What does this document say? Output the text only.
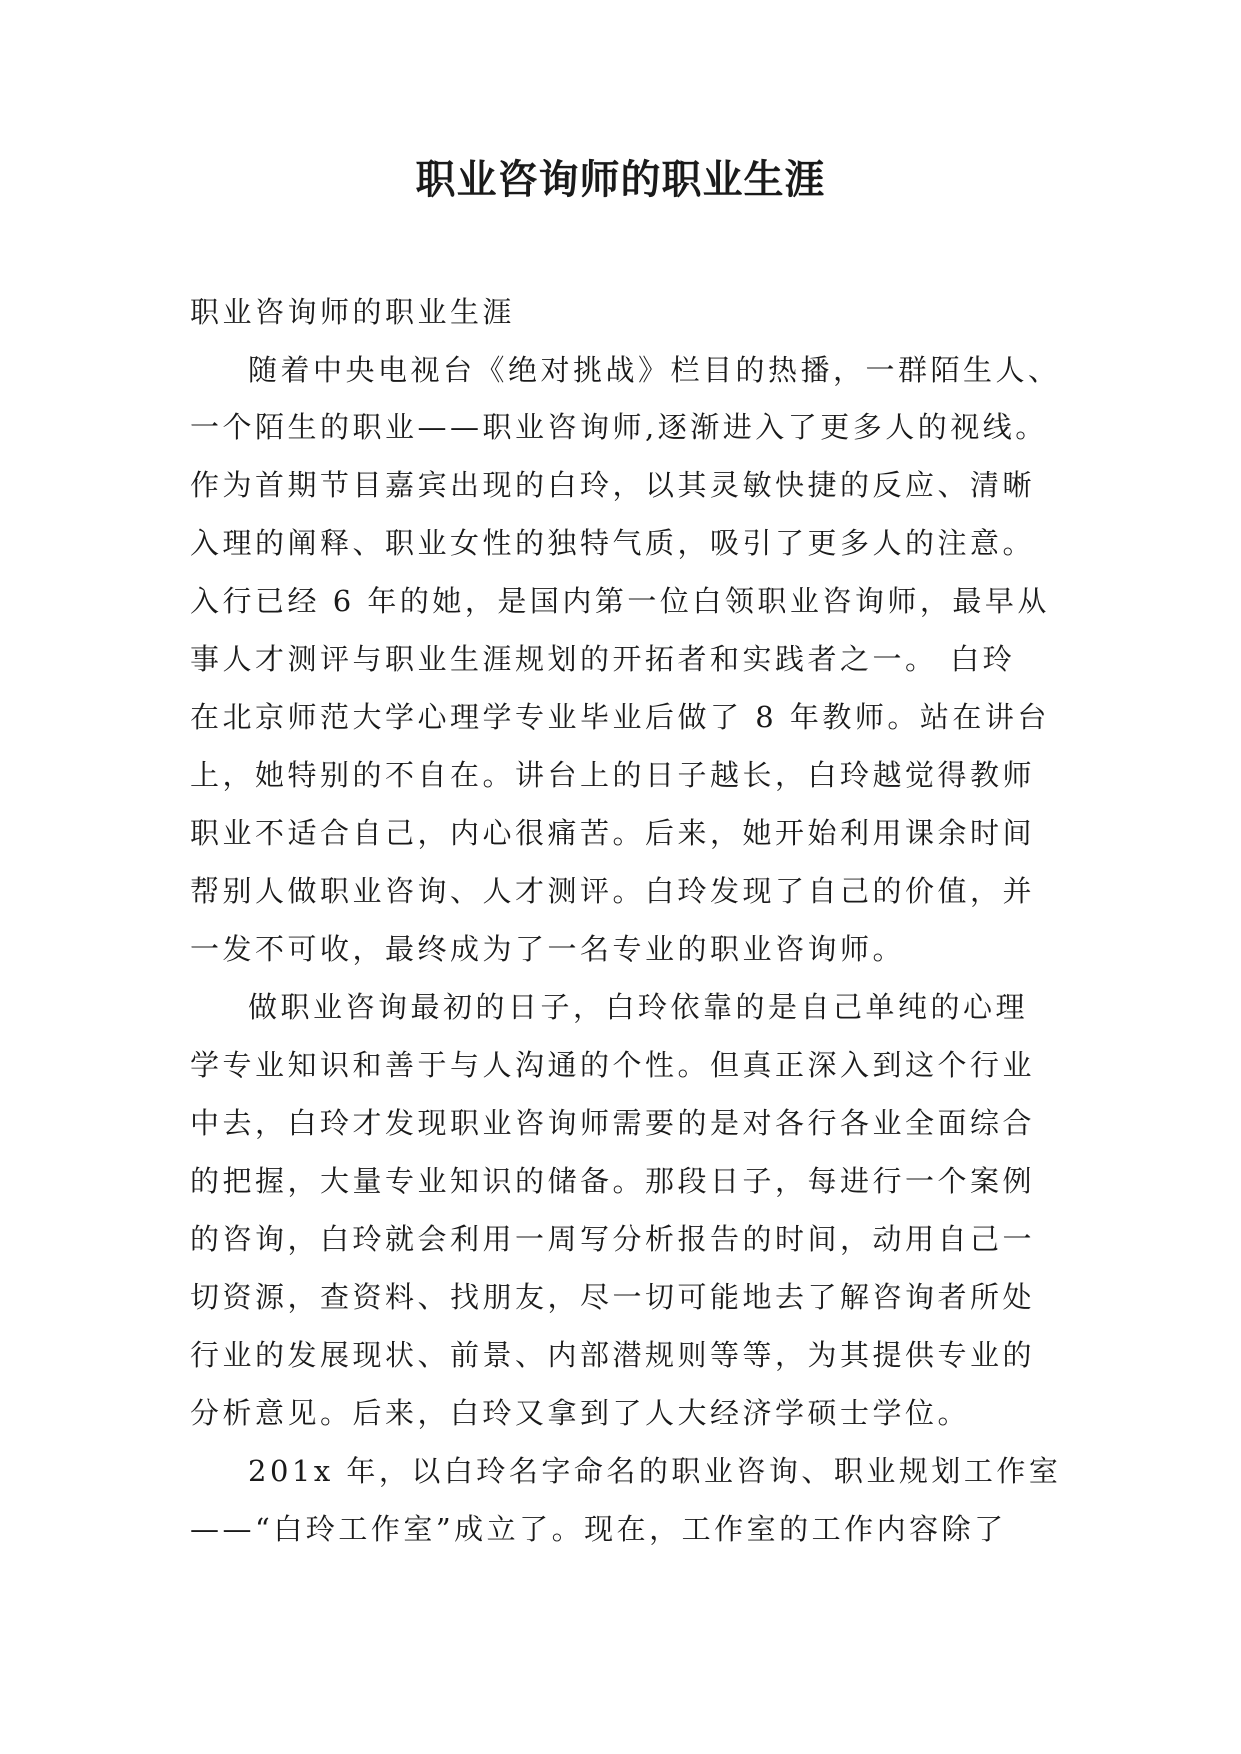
职业咨询师的职业生涯
职业咨询师的职业生涯
随着中央电视台《绝对挑战》栏目的热播，一群陌生人、
一个陌生的职业——职业咨询师,逐渐进入了更多人的视线。
作为首期节目嘉宾出现的白玲，以其灵敏快捷的反应、清晰
入理的阐释、职业女性的独特气质，吸引了更多人的注意。
入行已经 6 年的她，是国内第一位白领职业咨询师，最早从
事人才测评与职业生涯规划的开拓者和实践者之一。 白玲
在北京师范大学心理学专业毕业后做了 8 年教师。站在讲台
上，她特别的不自在。讲台上的日子越长，白玲越觉得教师
职业不适合自己，内心很痛苦。后来，她开始利用课余时间
帮别人做职业咨询、人才测评。白玲发现了自己的价值，并
一发不可收，最终成为了一名专业的职业咨询师。
做职业咨询最初的日子，白玲依靠的是自己单纯的心理
学专业知识和善于与人沟通的个性。但真正深入到这个行业
中去，白玲才发现职业咨询师需要的是对各行各业全面综合
的把握，大量专业知识的储备。那段日子，每进行一个案例
的咨询，白玲就会利用一周写分析报告的时间，动用自己一
切资源，查资料、找朋友，尽一切可能地去了解咨询者所处
行业的发展现状、前景、内部潜规则等等，为其提供专业的
分析意见。后来，白玲又拿到了人大经济学硕士学位。
201x 年，以白玲名字命名的职业咨询、职业规划工作室
——“白玲工作室”成立了。现在，工作室的工作内容除了
